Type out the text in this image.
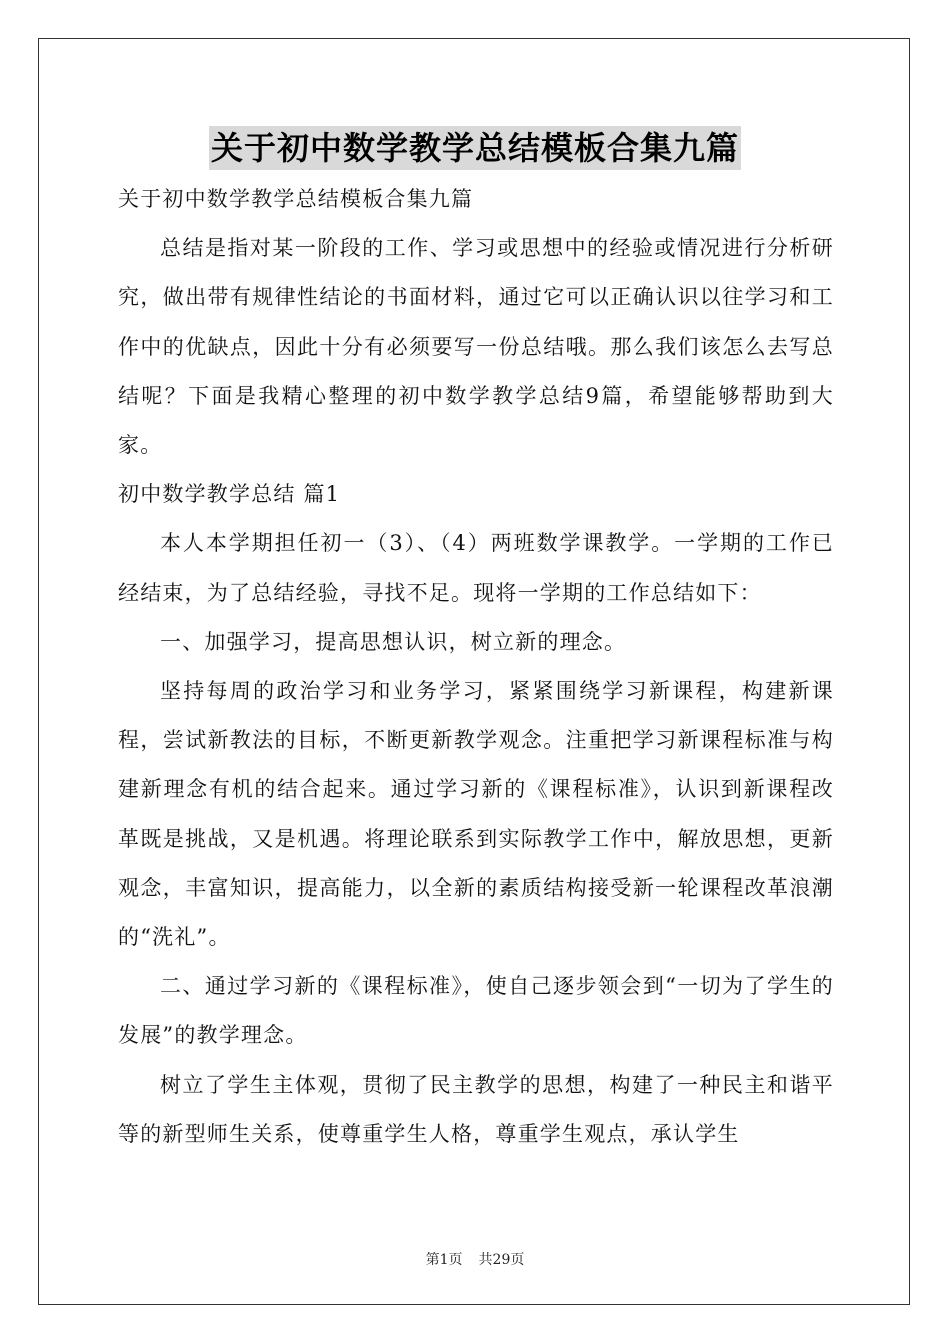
关于初中数学教学总结模板合集九篇

关于初中数学教学总结模板合集九篇

总结是指对某一阶段的工作、学习或思想中的经验或情况进行分析研究，做出带有规律性结论的书面材料，通过它可以正确认识以往学习和工作中的优缺点，因此十分有必须要写一份总结哦。那么我们该怎么去写总结呢？下面是我精心整理的初中数学教学总结9篇，希望能够帮助到大家。

初中数学教学总结 篇1

本人本学期担任初一（3）、（4）两班数学课教学。一学期的工作已经结束，为了总结经验，寻找不足。现将一学期的工作总结如下：

一、加强学习，提高思想认识，树立新的理念。

坚持每周的政治学习和业务学习，紧紧围绕学习新课程，构建新课程，尝试新教法的目标，不断更新教学观念。注重把学习新课程标准与构建新理念有机的结合起来。通过学习新的《课程标准》，认识到新课程改革既是挑战，又是机遇。将理论联系到实际教学工作中，解放思想，更新观念，丰富知识，提高能力，以全新的素质结构接受新一轮课程改革浪潮的“洗礼”。

二、通过学习新的《课程标准》，使自己逐步领会到“一切为了学生的发展”的教学理念。

树立了学生主体观，贯彻了民主教学的思想，构建了一种民主和谐平等的新型师生关系，使尊重学生人格，尊重学生观点，承认学生

第1页 共29页
